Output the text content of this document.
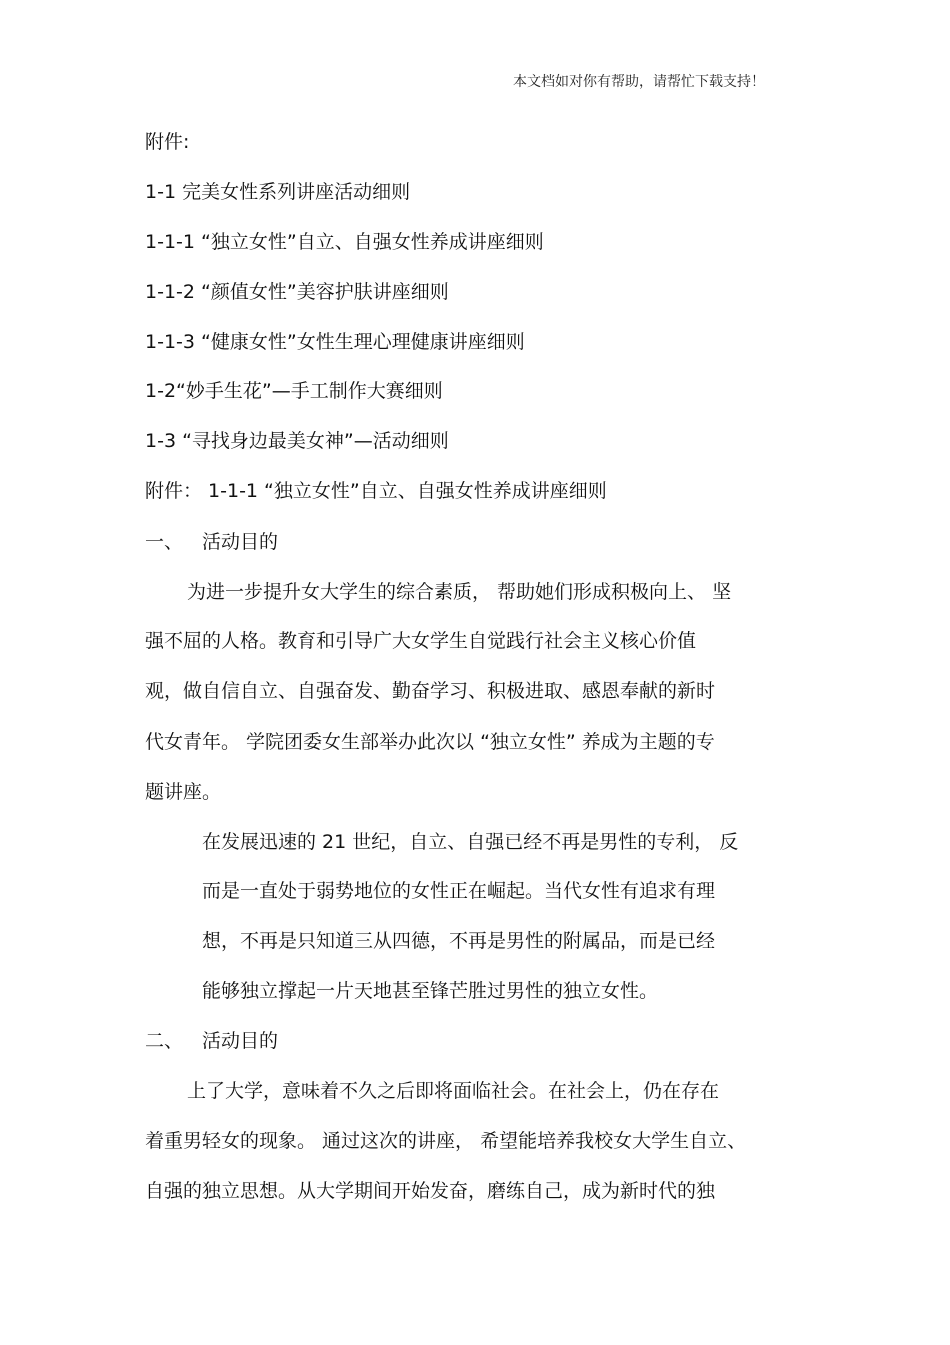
本文档如对你有帮助，请帮忙下载支持！
附件:
1-1 完美女性系列讲座活动细则
1-1-1 “独立女性”自立、自强女性养成讲座细则
1-1-2 “颜值女性”美容护肤讲座细则
1-1-3 “健康女性”女性生理心理健康讲座细则
1-2“妙手生花”—手工制作大赛细则
1-3 “寻找身边最美女神”—活动细则
附件： 1-1-1 “独立女性”自立、自强女性养成讲座细则
一、 活动目的
为进一步提升女大学生的综合素质， 帮助她们形成积极向上、 坚
强不屈的人格。教育和引导广大女学生自觉践行社会主义核心价值
观，做自信自立、自强奋发、勤奋学习、积极进取、感恩奉献的新时
代女青年。 学院团委女生部举办此次以 “独立女性” 养成为主题的专
题讲座。
在发展迅速的 21 世纪，自立、自强已经不再是男性的专利， 反
而是一直处于弱势地位的女性正在崛起。当代女性有追求有理
想，不再是只知道三从四德，不再是男性的附属品，而是已经
能够独立撑起一片天地甚至锋芒胜过男性的独立女性。
二、 活动目的
上了大学，意味着不久之后即将面临社会。在社会上，仍在存在
着重男轻女的现象。 通过这次的讲座， 希望能培养我校女大学生自立、
自强的独立思想。从大学期间开始发奋，磨练自己，成为新时代的独
